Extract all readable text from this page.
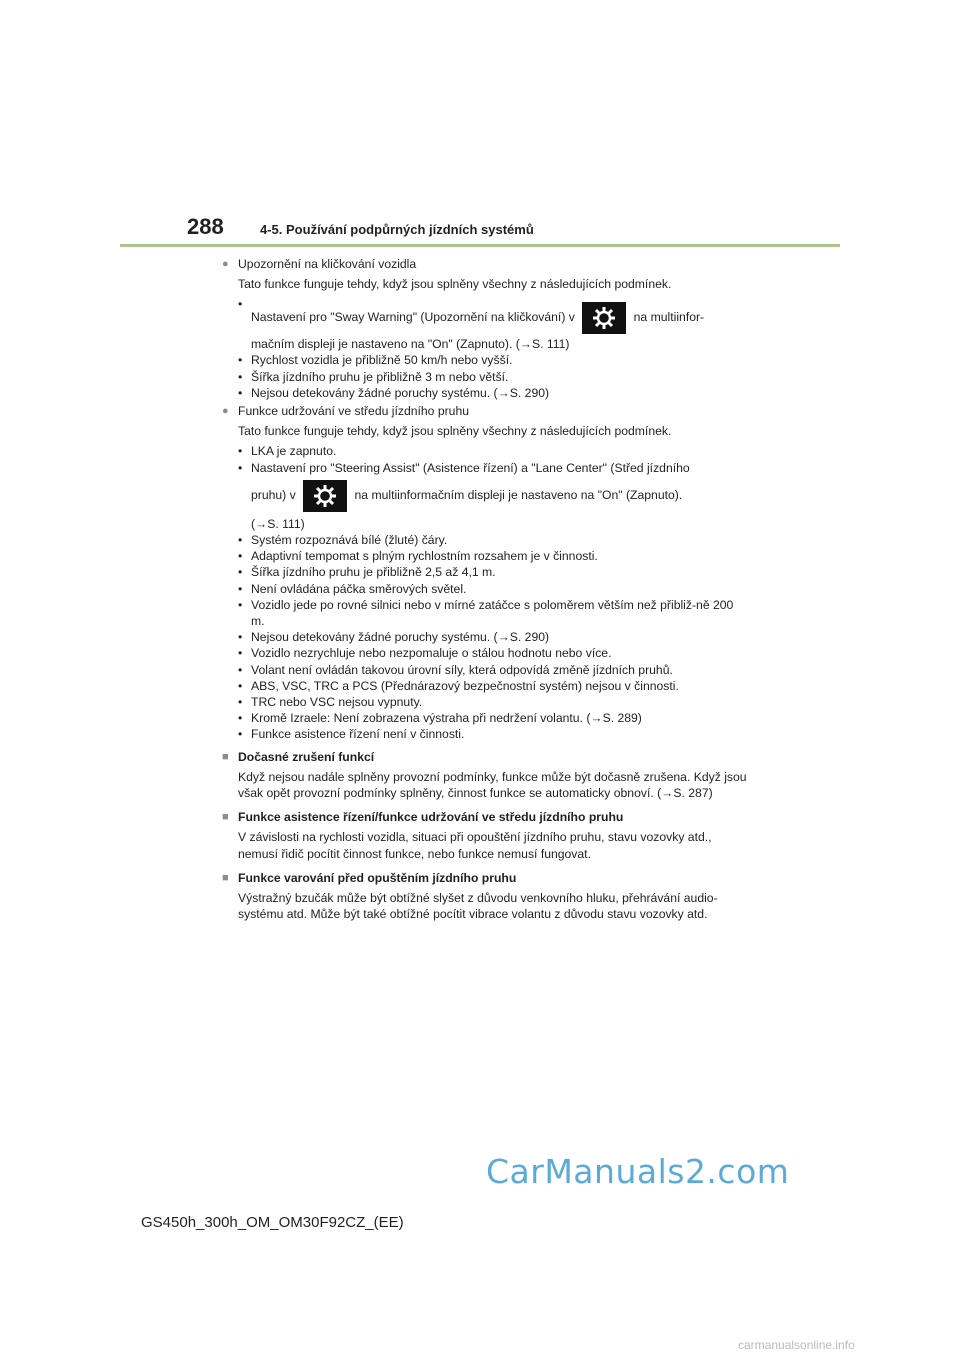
288	4-5. Používání podpůrných jízdních systémů

● Upozornění na kličkování vozidla

Tato funkce funguje tehdy, když jsou splněny všechny z následujících podmínek.

• Nastavení pro "Sway Warning" (Upozornění na kličkování) v	na multiinfor-
mačním displeji je nastaveno na "On" (Zapnuto). (→S. 111)
• Rychlost vozidla je přibližně 50 km/h nebo vyšší.
• Šířka jízdního pruhu je přibližně 3 m nebo větší.
• Nejsou detekovány žádné poruchy systému. (→S. 290)

● Funkce udržování ve středu jízdního pruhu

Tato funkce funguje tehdy, když jsou splněny všechny z následujících podmínek.

• LKA je zapnuto.
• Nastavení pro "Steering Assist" (Asistence řízení) a "Lane Center" (Střed jízdního
pruhu) v	na multiinformačním displeji je nastaveno na "On" (Zapnuto).
(→S. 111)
• Systém rozpoznává bílé (žluté) čáry.
• Adaptivní tempomat s plným rychlostním rozsahem je v činnosti.
• Šířka jízdního pruhu je přibližně 2,5 až 4,1 m.
• Není ovládána páčka směrových světel.
• Vozidlo jede po rovné silnici nebo v mírné zatáčce s poloměrem větším než přibliž-ně 200 m.
• Nejsou detekovány žádné poruchy systému. (→S. 290)
• Vozidlo nezrychluje nebo nezpomaluje o stálou hodnotu nebo více.
• Volant není ovládán takovou úrovní síly, která odpovídá změně jízdních pruhů.
• ABS, VSC, TRC a PCS (Přednárazový bezpečnostní systém) nejsou v činnosti.
• TRC nebo VSC nejsou vypnuty.
• Kromě Izraele: Není zobrazena výstraha při nedržení volantu. (→S. 289)
• Funkce asistence řízení není v činnosti.

■ Dočasné zrušení funkcí

Když nejsou nadále splněny provozní podmínky, funkce může být dočasně zrušena. Když jsou však opět provozní podmínky splněny, činnost funkce se automaticky obnoví. (→S. 287)

■ Funkce asistence řízení/funkce udržování ve středu jízdního pruhu

V závislosti na rychlosti vozidla, situaci při opouštění jízdního pruhu, stavu vozovky atd., nemusí řidič pocítit činnost funkce, nebo funkce nemusí fungovat.

■ Funkce varování před opuštěním jízdního pruhu

Výstražný bzučák může být obtížné slyšet z důvodu venkovního hluku, přehrávání audio-systému atd. Může být také obtížné pocítit vibrace volantu z důvodu stavu vozovky atd.

CarManuals2.com
GS450h_300h_OM_OM30F92CZ_(EE)
carmanualsonline.info
